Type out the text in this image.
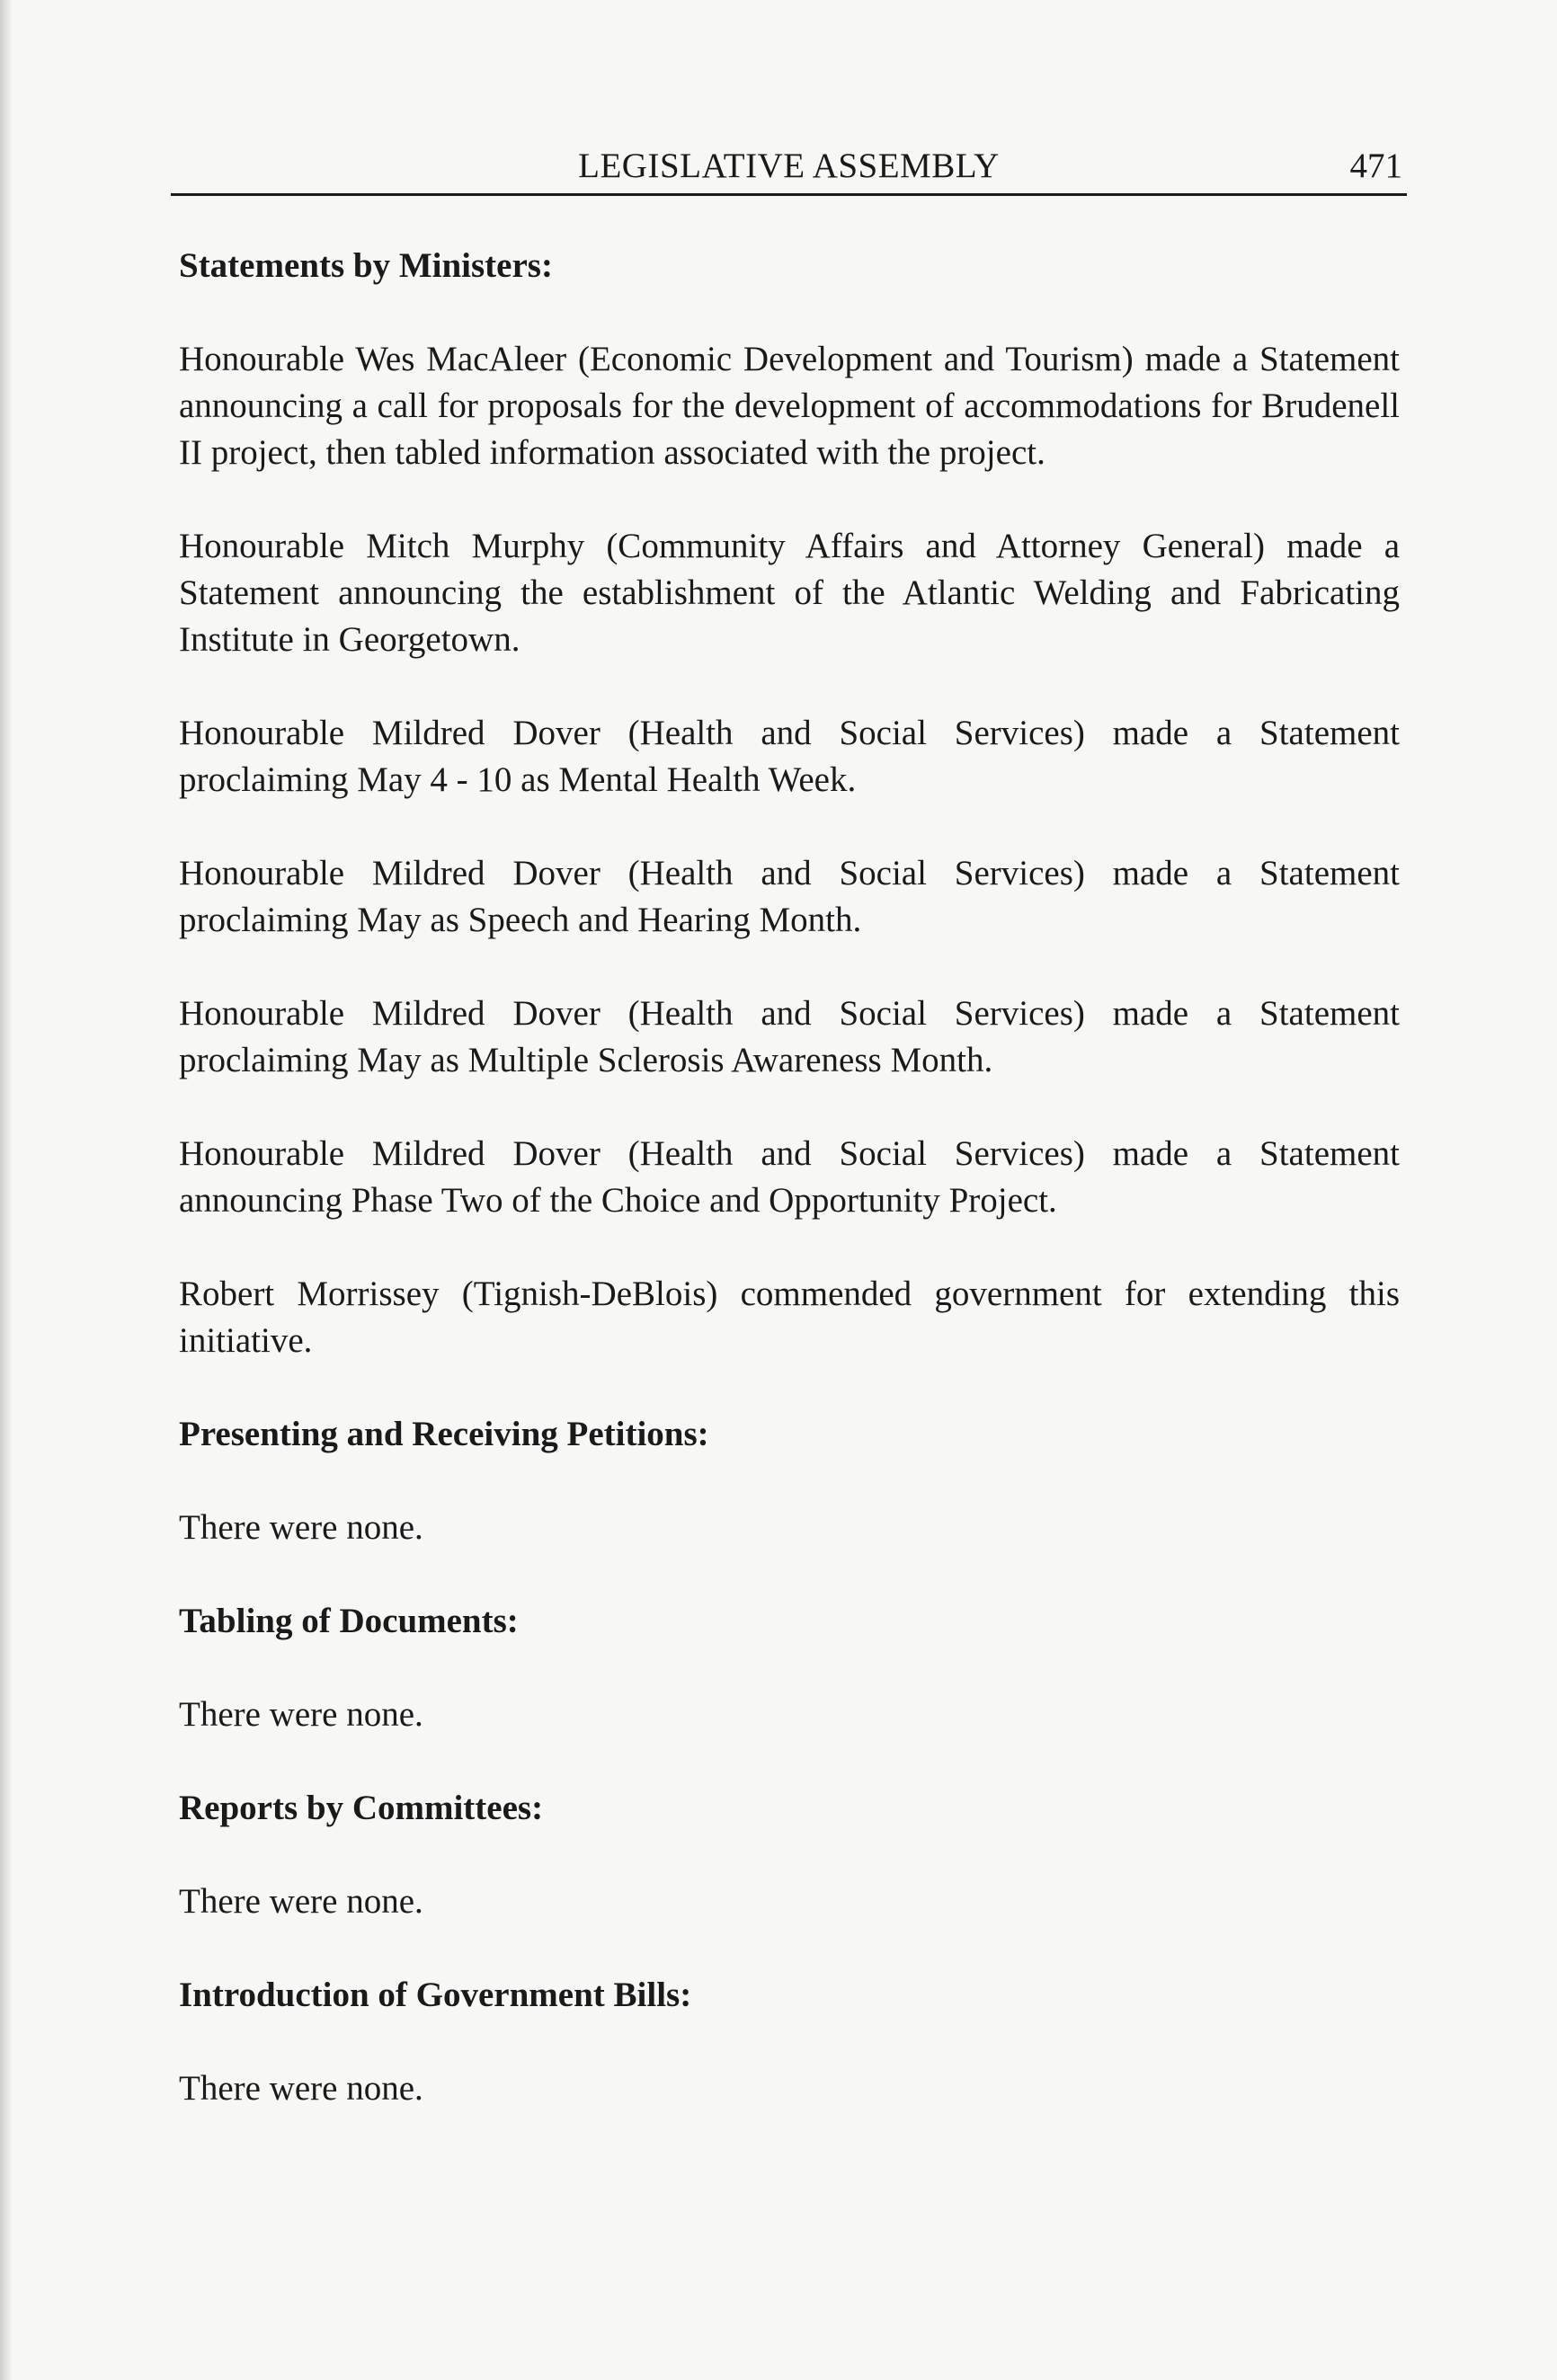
LEGISLATIVE ASSEMBLY	471

Statements by Ministers:

Honourable Wes MacAleer (Economic Development and Tourism) made a Statement announcing a call for proposals for the development of accommodations for Brudenell II project, then tabled information associated with the project.

Honourable Mitch Murphy (Community Affairs and Attorney General) made a Statement announcing the establishment of the Atlantic Welding and Fabricating Institute in Georgetown.

Honourable Mildred Dover (Health and Social Services) made a Statement proclaiming May 4 - 10 as Mental Health Week.

Honourable Mildred Dover (Health and Social Services) made a Statement proclaiming May as Speech and Hearing Month.

Honourable Mildred Dover (Health and Social Services) made a Statement proclaiming May as Multiple Sclerosis Awareness Month.

Honourable Mildred Dover (Health and Social Services) made a Statement announcing Phase Two of the Choice and Opportunity Project.

Robert Morrissey (Tignish-DeBlois) commended government for extending this initiative.

Presenting and Receiving Petitions:

There were none.

Tabling of Documents:

There were none.

Reports by Committees:

There were none.

Introduction of Government Bills:

There were none.
